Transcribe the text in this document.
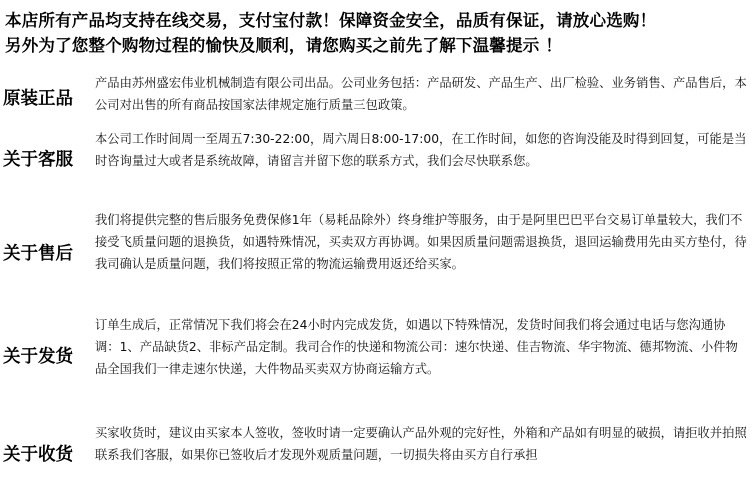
本店所有产品均支持在线交易，支付宝付款！保障资金安全，品质有保证，请放心选购！
另外为了您整个购物过程的愉快及顺利，请您购买之前先了解下温馨提示 ！
原装正品
产品由苏州盛宏伟业机械制造有限公司出品。公司业务包括：产品研发、产品生产、出厂检验、业务销售、产品售后，本公司对出售的所有商品按国家法律规定施行质量三包政策。
关于客服
本公司工作时间周一至周五7:30-22:00，周六周日8:00-17:00，在工作时间，如您的咨询没能及时得到回复，可能是当时咨询量过大或者是系统故障，请留言并留下您的联系方式，我们会尽快联系您。
关于售后
我们将提供完整的售后服务免费保修1年（易耗品除外）终身维护等服务，由于是阿里巴巴平台交易订单量较大，我们不接受飞质量问题的退换货，如遇特殊情况，买卖双方再协调。如果因质量问题需退换货，退回运输费用先由买方垫付，待我司确认是质量问题，我们将按照正常的物流运输费用返还给买家。
关于发货
订单生成后，正常情况下我们将会在24小时内完成发货，如遇以下特殊情况，发货时间我们将会通过电话与您沟通协调：1、产品缺货2、非标产品定制。我司合作的快递和物流公司：速尔快递、佳吉物流、华宇物流、德邦物流、小件物品全国我们一律走速尔快递，大件物品买卖双方协商运输方式。
关于收货
买家收货时，建议由买家本人签收，签收时请一定要确认产品外观的完好性，外箱和产品如有明显的破损，请拒收并拍照联系我们客服，如果你已签收后才发现外观质量问题，一切损失将由买方自行承担
